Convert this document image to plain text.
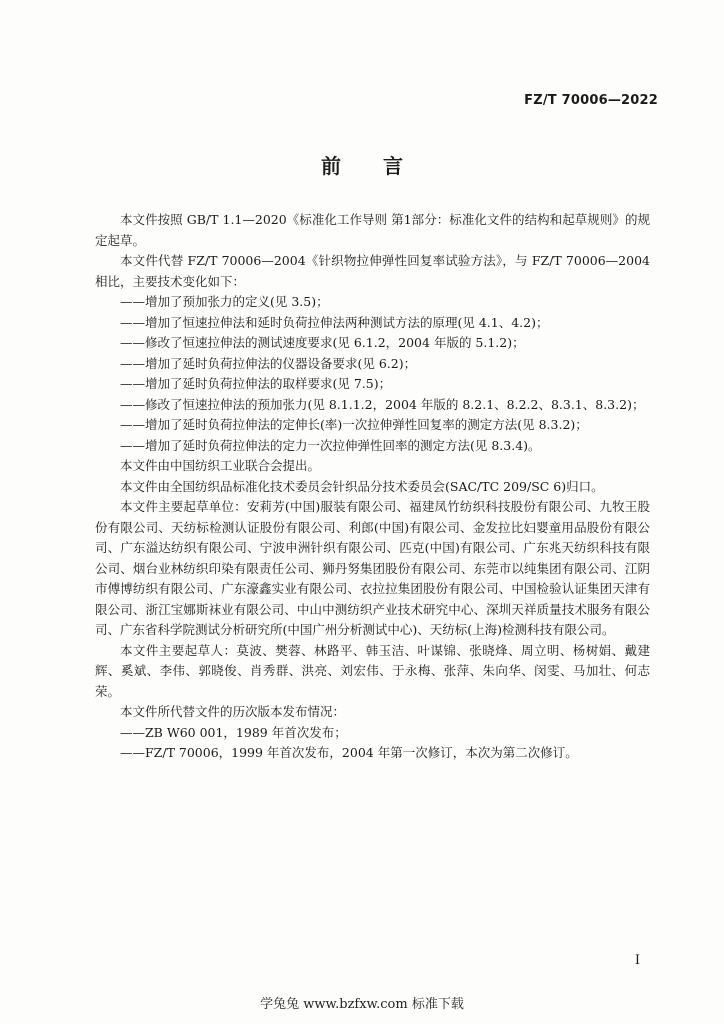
FZ/T 70006—2022
前言

本文件按照 GB/T 1.1—2020《标准化工作导则 第1部分：标准化文件的结构和起草规则》的规定起草。

本文件代替 FZ/T 70006—2004《针织物拉伸弹性回复率试验方法》，与 FZ/T 70006—2004 相比，主要技术变化如下：

——增加了预加张力的定义(见 3.5)；

——增加了恒速拉伸法和延时负荷拉伸法两种测试方法的原理(见 4.1、4.2)；

——修改了恒速拉伸法的测试速度要求(见 6.1.2，2004 年版的 5.1.2)；

——增加了延时负荷拉伸法的仪器设备要求(见 6.2)；

——增加了延时负荷拉伸法的取样要求(见 7.5)；

——修改了恒速拉伸法的预加张力(见 8.1.1.2，2004 年版的 8.2.1、8.2.2、8.3.1、8.3.2)；

——增加了延时负荷拉伸法的定伸长(率)一次拉伸弹性回复率的测定方法(见 8.3.2)；

——增加了延时负荷拉伸法的定力一次拉伸弹性回率的测定方法(见 8.3.4)。

本文件由中国纺织工业联合会提出。

本文件由全国纺织品标准化技术委员会针织品分技术委员会(SAC/TC 209/SC 6)归口。

本文件主要起草单位：安莉芳(中国)服装有限公司、福建凤竹纺织科技股份有限公司、九牧王股份有限公司、天纺标检测认证股份有限公司、利郎(中国)有限公司、金发拉比妇婴童用品股份有限公司、广东溢达纺织有限公司、宁波申洲针织有限公司、匹克(中国)有限公司、广东兆天纺织科技有限公司、烟台业林纺织印染有限责任公司、狮丹努集团股份有限公司、东莞市以纯集团有限公司、江阴市傅博纺织有限公司、广东濠鑫实业有限公司、衣拉拉集团股份有限公司、中国检验认证集团天津有限公司、浙江宝娜斯袜业有限公司、中山中测纺织产业技术研究中心、深圳天祥质量技术服务有限公司、广东省科学院测试分析研究所(中国广州分析测试中心)、天纺标(上海)检测科技有限公司。

本文件主要起草人：莫波、樊蓉、林路平、韩玉洁、叶谋锦、张晓烽、周立明、杨树娟、戴建辉、奚斌、李伟、郭晓俊、肖秀群、洪亮、刘宏伟、于永梅、张萍、朱向华、闵雯、马加壮、何志荣。

本文件所代替文件的历次版本发布情况：

——ZB W60 001，1989 年首次发布；

——FZ/T 70006，1999 年首次发布，2004 年第一次修订，本次为第二次修订。

I
学兔兔 www.bzfxw.com 标准下载
